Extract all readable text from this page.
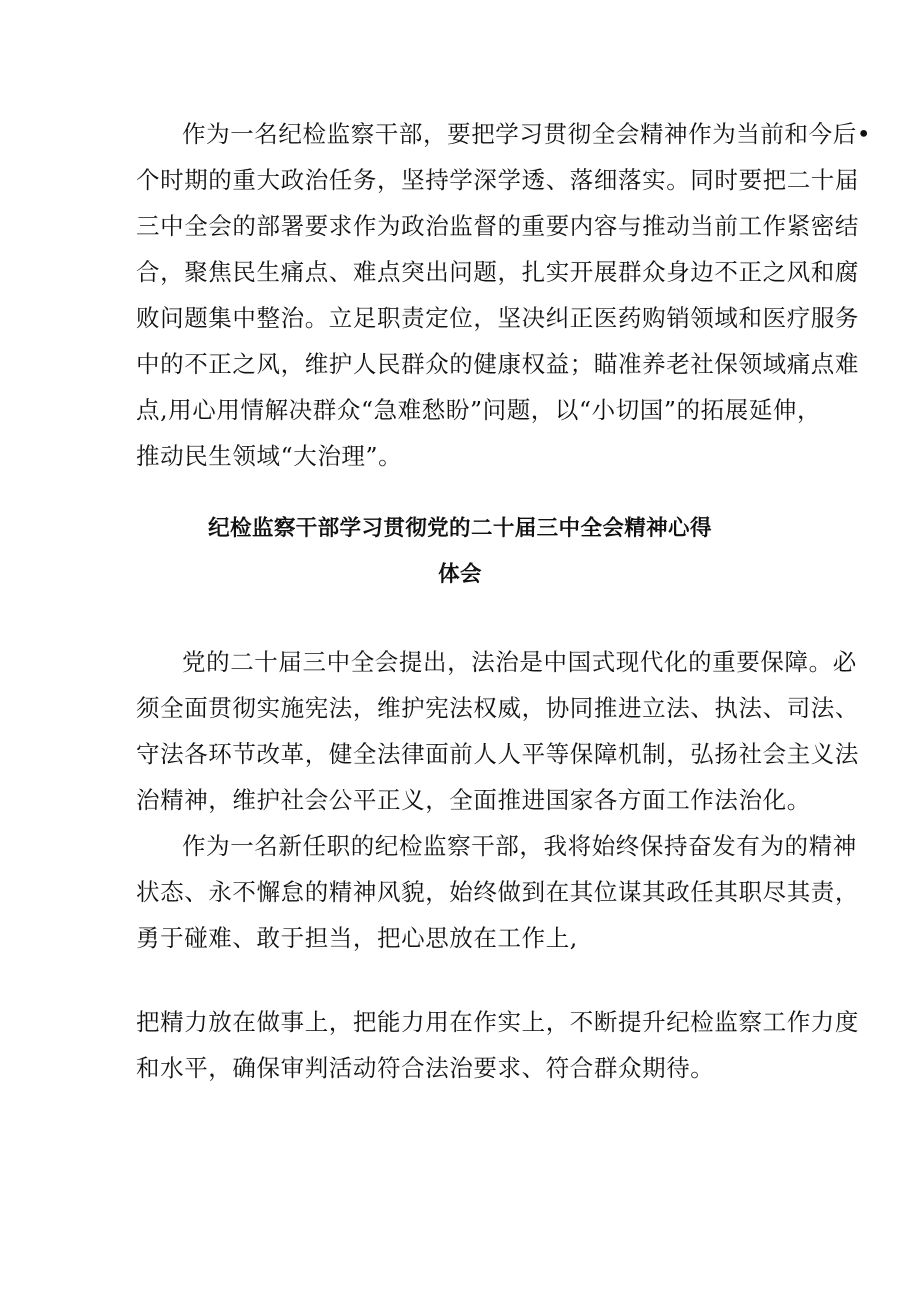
作为一名纪检监察干部，要把学习贯彻全会精神作为当前和今后•
个时期的重大政治任务，坚持学深学透、落细落实。同时要把二十届
三中全会的部署要求作为政治监督的重要内容与推动当前工作紧密结
合，聚焦民生痛点、难点突出问题，扎实开展群众身边不正之风和腐
败问题集中整治。立足职责定位，坚决纠正医药购销领域和医疗服务
中的不正之风，维护人民群众的健康权益；瞄准养老社保领域痛点难
点,用心用情解决群众“急难愁盼”问题，以“小切国”的拓展延伸，
推动民生领域“大治理”。
纪检监察干部学习贯彻党的二十届三中全会精神心得
体会
党的二十届三中全会提出，法治是中国式现代化的重要保障。必
须全面贯彻实施宪法，维护宪法权威，协同推进立法、执法、司法、
守法各环节改革，健全法律面前人人平等保障机制，弘扬社会主义法
治精神，维护社会公平正义，全面推进国家各方面工作法治化。
作为一名新任职的纪检监察干部，我将始终保持奋发有为的精神
状态、永不懈怠的精神风貌，始终做到在其位谋其政任其职尽其责，
勇于碰难、敢于担当，把心思放在工作上,
把精力放在做事上，把能力用在作实上，不断提升纪检监察工作力度
和水平，确保审判活动符合法治要求、符合群众期待。
